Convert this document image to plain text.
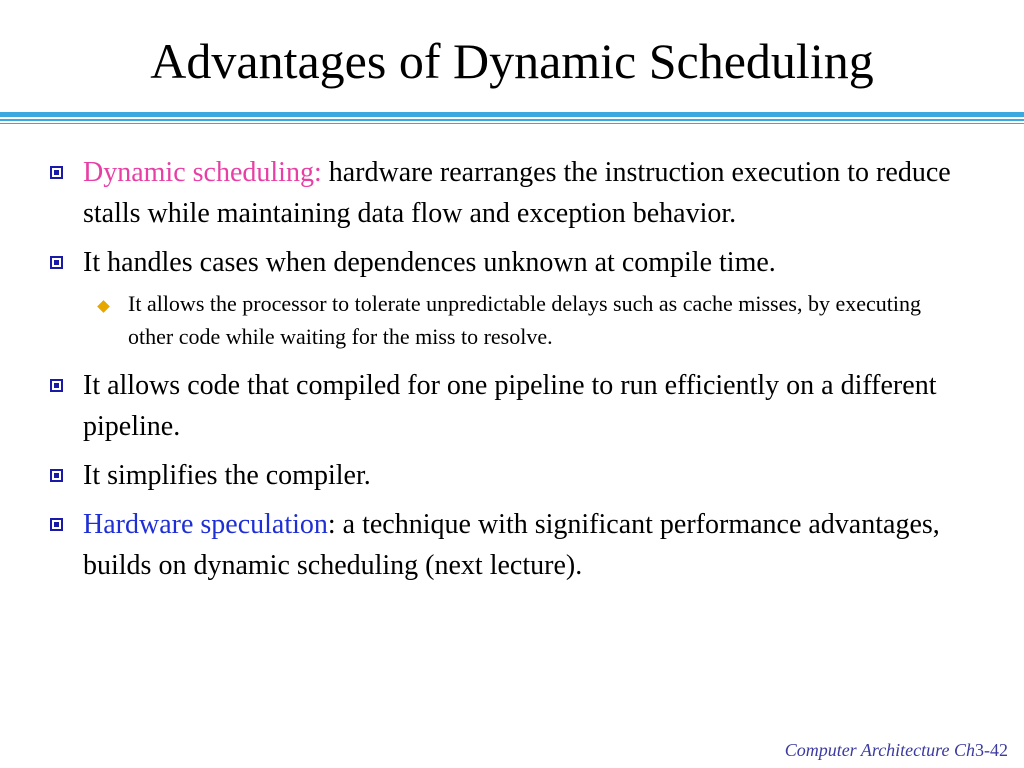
Advantages of Dynamic Scheduling
Dynamic scheduling: hardware rearranges the instruction execution to reduce stalls while maintaining data flow and exception behavior.
It handles cases when dependences unknown at compile time.
It allows the processor to tolerate unpredictable delays such as cache misses, by executing other code while waiting for the miss to resolve.
It allows code that compiled for one pipeline to run efficiently on a different pipeline.
It simplifies the compiler.
Hardware speculation: a technique with significant performance advantages, builds on dynamic scheduling (next lecture).
Computer Architecture Ch3-42
